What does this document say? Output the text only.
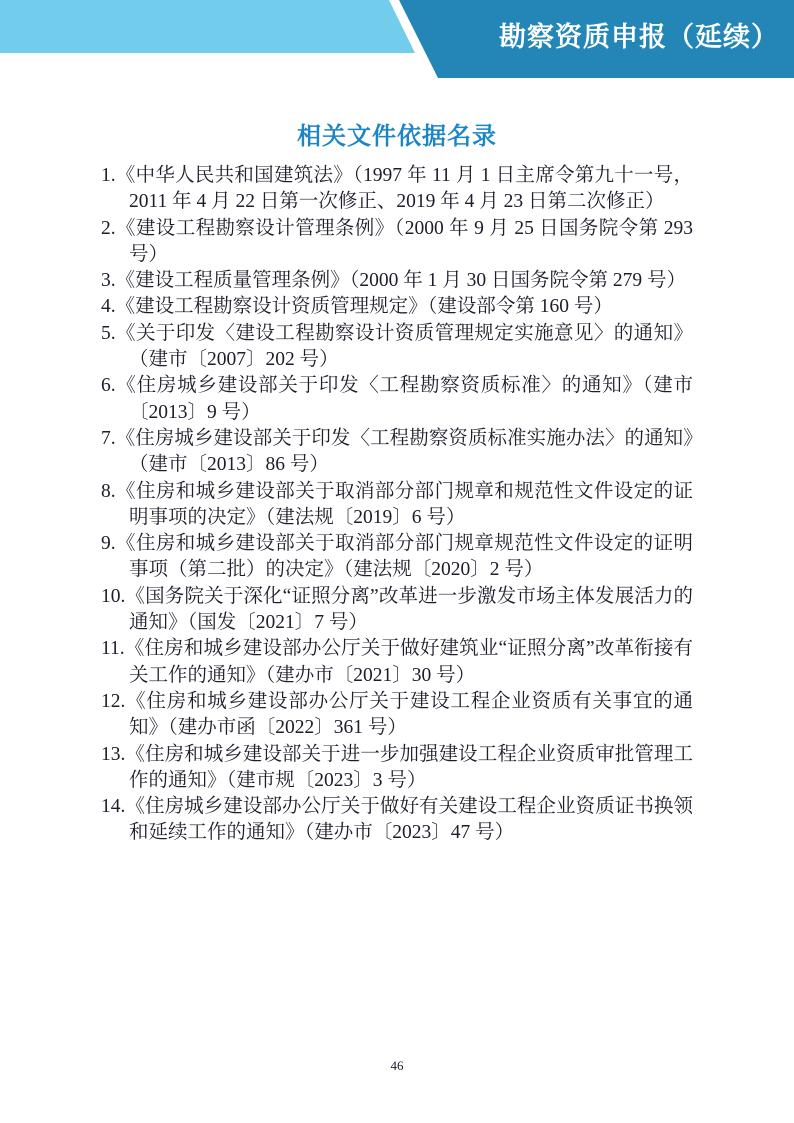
勘察资质申报（延续）
相关文件依据名录

1.《中华人民共和国建筑法》（1997 年 11 月 1 日主席令第九十一号，2011 年 4 月 22 日第一次修正、2019 年 4 月 23 日第二次修正）

2.《建设工程勘察设计管理条例》（2000 年 9 月 25 日国务院令第 293 号）

3.《建设工程质量管理条例》（2000 年 1 月 30 日国务院令第 279 号）

4.《建设工程勘察设计资质管理规定》（建设部令第 160 号）

5.《关于印发〈建设工程勘察设计资质管理规定实施意见〉的通知》（建市〔2007〕202 号）

6.《住房城乡建设部关于印发〈工程勘察资质标准〉的通知》（建市〔2013〕9 号）

7.《住房城乡建设部关于印发〈工程勘察资质标准实施办法〉的通知》（建市〔2013〕86 号）

8.《住房和城乡建设部关于取消部分部门规章和规范性文件设定的证明事项的决定》（建法规〔2019〕6 号）

9.《住房和城乡建设部关于取消部分部门规章规范性文件设定的证明事项（第二批）的决定》（建法规〔2020〕2 号）

10.《国务院关于深化“证照分离”改革进一步激发市场主体发展活力的通知》（国发〔2021〕7 号）

11.《住房和城乡建设部办公厅关于做好建筑业“证照分离”改革衔接有关工作的通知》（建办市〔2021〕30 号）

12.《住房和城乡建设部办公厅关于建设工程企业资质有关事宜的通知》（建办市函〔2022〕361 号）

13.《住房和城乡建设部关于进一步加强建设工程企业资质审批管理工作的通知》（建市规〔2023〕3 号）

14.《住房城乡建设部办公厅关于做好有关建设工程企业资质证书换领和延续工作的通知》（建办市〔2023〕47 号）

46
